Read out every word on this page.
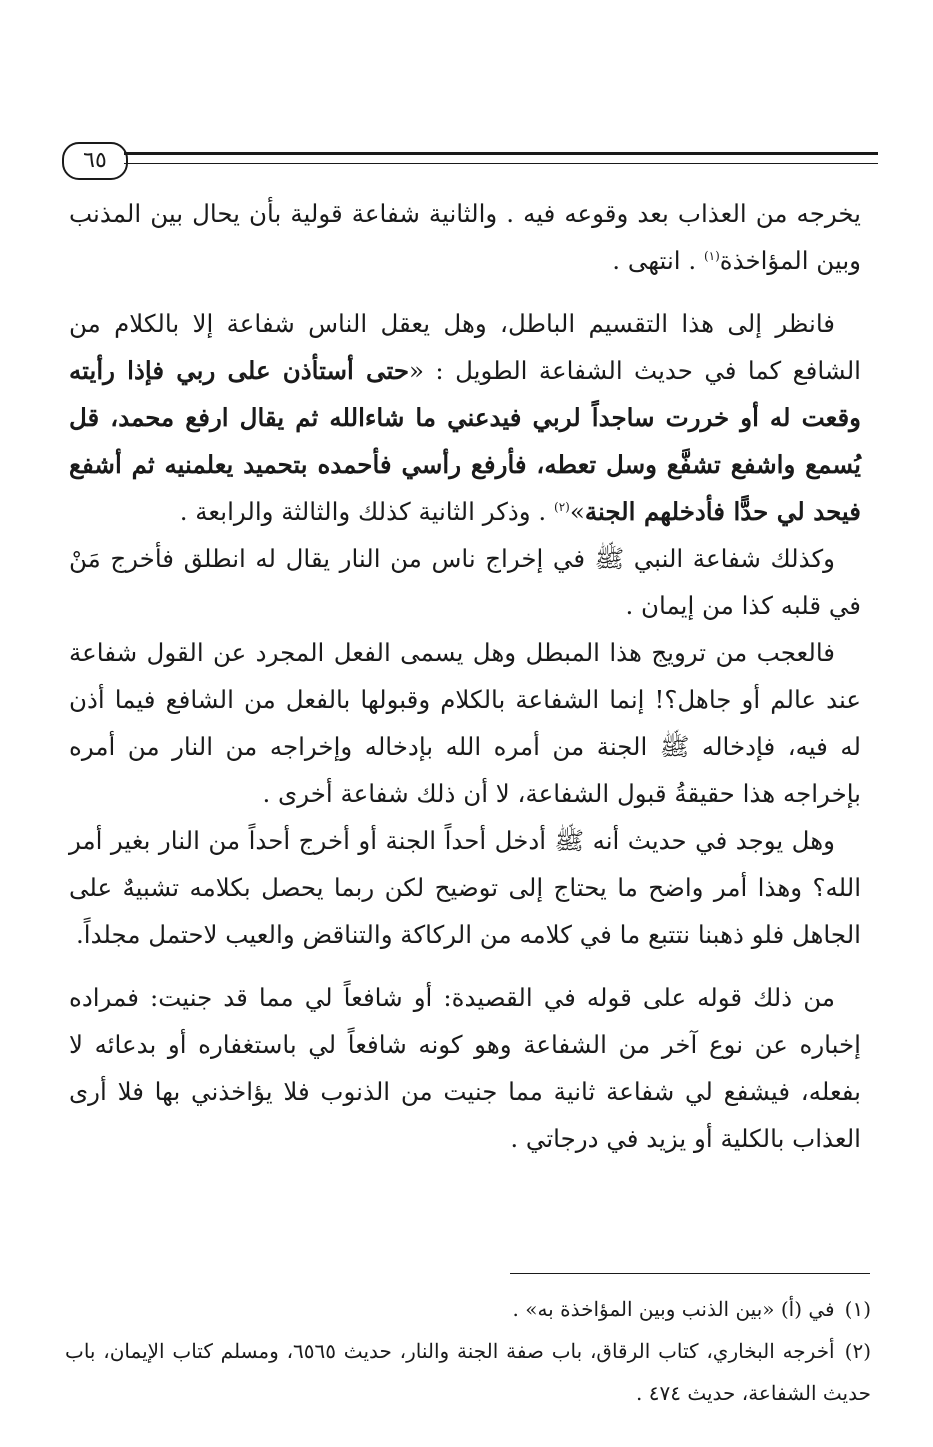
٦٥

يخرجه من العذاب بعد وقوعه فيه . والثانية شفاعة قولية بأن يحال بين المذنب وبين المؤاخذة$^{(١)}$ . انتهى .

فانظر إلى هذا التقسيم الباطل، وهل يعقل الناس شفاعة إلا بالكلام من الشافع كما في حديث الشفاعة الطويل : «حتى أستأذن على ربي فإذا رأيته وقعت له أو خررت ساجداً لربي فيدعني ما شاءالله ثم يقال ارفع محمد، قل يُسمع واشفع تشفَّع وسل تعطه، فأرفع رأسي فأحمده بتحميد يعلمنيه ثم أشفع فيحد لي حدًّا فأدخلهم الجنة»$^{(٢)}$ . وذكر الثانية كذلك والثالثة والرابعة .

وكذلك شفاعة النبي ﷺ في إخراج ناس من النار يقال له انطلق فأخرج مَنْ في قلبه كذا من إيمان .

فالعجب من ترويج هذا المبطل وهل يسمى الفعل المجرد عن القول شفاعة عند عالم أو جاهل؟! إنما الشفاعة بالكلام وقبولها بالفعل من الشافع فيما أذن له فيه، فإدخاله ﷺ الجنة من أمره الله بإدخاله وإخراجه من النار من أمره بإخراجه هذا حقيقةُ قبول الشفاعة، لا أن ذلك شفاعة أخرى .

وهل يوجد في حديث أنه ﷺ أدخل أحداً الجنة أو أخرج أحداً من النار بغير أمر الله؟ وهذا أمر واضح ما يحتاج إلى توضيح لكن ربما يحصل بكلامه تشبيهٌ على الجاهل فلو ذهبنا نتتبع ما في كلامه من الركاكة والتناقض والعيب لاحتمل مجلداً.

من ذلك قوله على قوله في القصيدة: أو شافعاً لي مما قد جنيت: فمراده إخباره عن نوع آخر من الشفاعة وهو كونه شافعاً لي باستغفاره أو بدعائه لا بفعله، فيشفع لي شفاعة ثانية مما جنيت من الذنوب فلا يؤاخذني بها فلا أرى العذاب بالكلية أو يزيد في درجاتي .

(١)في (أ) «بين الذنب وبين المؤاخذة به» .

(٢)أخرجه البخاري، كتاب الرقاق، باب صفة الجنة والنار، حديث ٦٥٦٥، ومسلم كتاب الإيمان، باب حديث الشفاعة، حديث ٤٧٤ .
